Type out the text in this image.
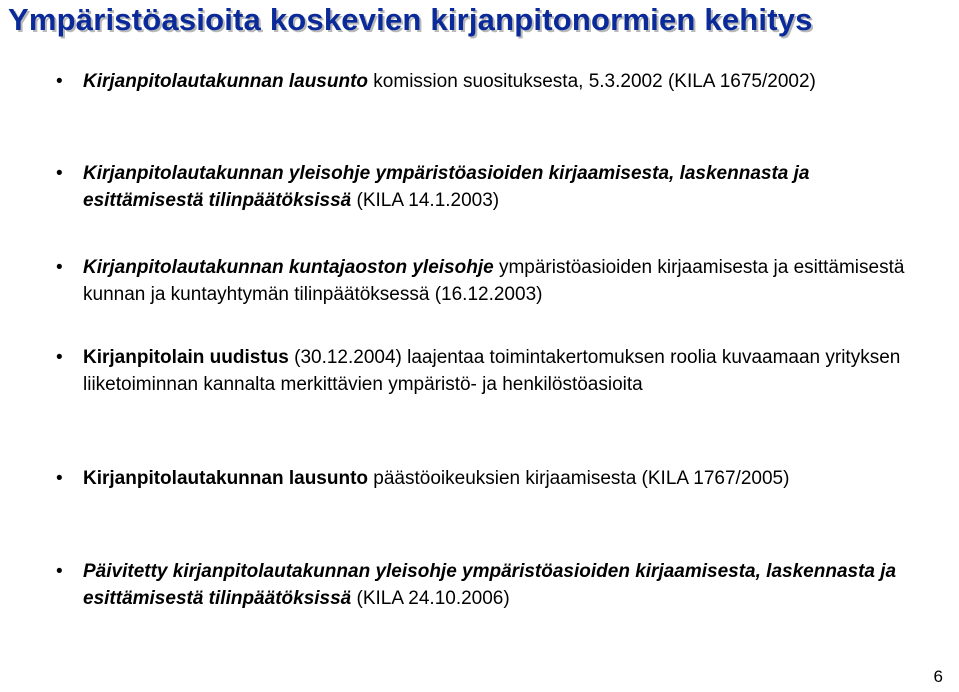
Ympäristöasioita koskevien kirjanpitonormien kehitys
•	Kirjanpitolautakunnan lausunto komission suosituksesta, 5.3.2002 (KILA 1675/2002)
•	Kirjanpitolautakunnan yleisohje ympäristöasioiden kirjaamisesta, laskennasta ja esittämisestä tilinpäätöksissä (KILA 14.1.2003)
•	Kirjanpitolautakunnan kuntajaoston yleisohje ympäristöasioiden kirjaamisesta ja esittämisestä kunnan ja kuntayhtymän tilinpäätöksessä (16.12.2003)
•	Kirjanpitolain uudistus (30.12.2004) laajentaa toimintakertomuksen roolia kuvaamaan yrityksen liiketoiminnan kannalta merkittävien ympäristö- ja henkilöstöasioita
•	Kirjanpitolautakunnan lausunto päästöoikeuksien kirjaamisesta (KILA 1767/2005)
•	Päivitetty kirjanpitolautakunnan yleisohje ympäristöasioiden kirjaamisesta, laskennasta ja esittämisestä tilinpäätöksissä (KILA 24.10.2006)
6
